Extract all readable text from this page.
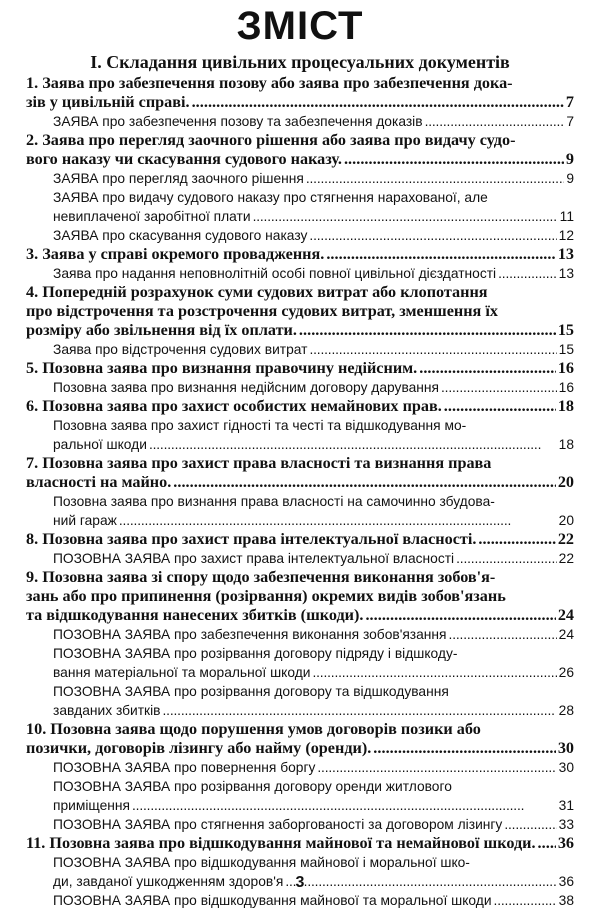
ЗМІСТ
І. Складання цивільних процесуальних документів
1. Заява про забезпечення позову або заява про забезпечення дока-
зів у цивільній справі. . . .	7
ЗАЯВА про забезпечення позову та забезпечення доказів . . .	7
2. Заява про перегляд заочного рішення або заява про видачу судо-
вого наказу чи скасування судового наказу. . . .	9
ЗАЯВА про перегляд заочного рішення . . .	9
ЗАЯВА про видачу судового наказу про стягнення нарахованої, але
невиплаченої заробітної плати . . .	11
ЗАЯВА про скасування судового наказу . . .	12
3. Заява у справі окремого провадження. . . .	13
Заява про надання неповнолітній особі повної цивільної дієздатності . . .	13
4. Попередній розрахунок суми судових витрат або клопотання
про відстрочення та розстрочення судових витрат, зменшення їх
розміру або звільнення від їх оплати. . . .	15
Заява про відстрочення судових витрат . . .	15
5. Позовна заява про визнання правочину недійсним. . . .	16
Позовна заява про визнання недійсним договору дарування . . .	16
6. Позовна заява про захист особистих немайнових прав. . . .	18
Позовна заява про захист гідності та честі та відшкодування мо-
ральної шкоди . . .	18
7. Позовна заява про захист права власності та визнання права
власності на майно. . . .	20
Позовна заява про визнання права власності на самочинно збудова-
ний гараж . . .	20
8. Позовна заява про захист права інтелектуальної власності. . . .	22
ПОЗОВНА ЗАЯВА про захист права інтелектуальної власності . . .	22
9. Позовна заява зі спору щодо забезпечення виконання зобов'я-
зань або про припинення (розірвання) окремих видів зобов'язань
та відшкодування нанесених збитків (шкоди). . . .	24
ПОЗОВНА ЗАЯВА про забезпечення виконання зобов'язання . . .	24
ПОЗОВНА ЗАЯВА про розірвання договору підряду і відшкоду-
вання матеріальної та моральної шкоди . . .	26
ПОЗОВНА ЗАЯВА про розірвання договору та відшкодування
завданих збитків . . .	28
10. Позовна заява щодо порушення умов договорів позики або
позички, договорів лізингу або найму (оренди). . . .	30
ПОЗОВНА ЗАЯВА про повернення боргу . . .	30
ПОЗОВНА ЗАЯВА про розірвання договору оренди житлового
приміщення . . .	31
ПОЗОВНА ЗАЯВА про стягнення заборгованості за договором лізингу . . .	33
11. Позовна заява про відшкодування майнової та немайнової шкоди. . . . 36
ПОЗОВНА ЗАЯВА про відшкодування майнової і моральної шко-
ди, завданої ушкодженням здоров'я . . .	36
ПОЗОВНА ЗАЯВА про відшкодування майнової та моральної шкоди . . .	38
3
